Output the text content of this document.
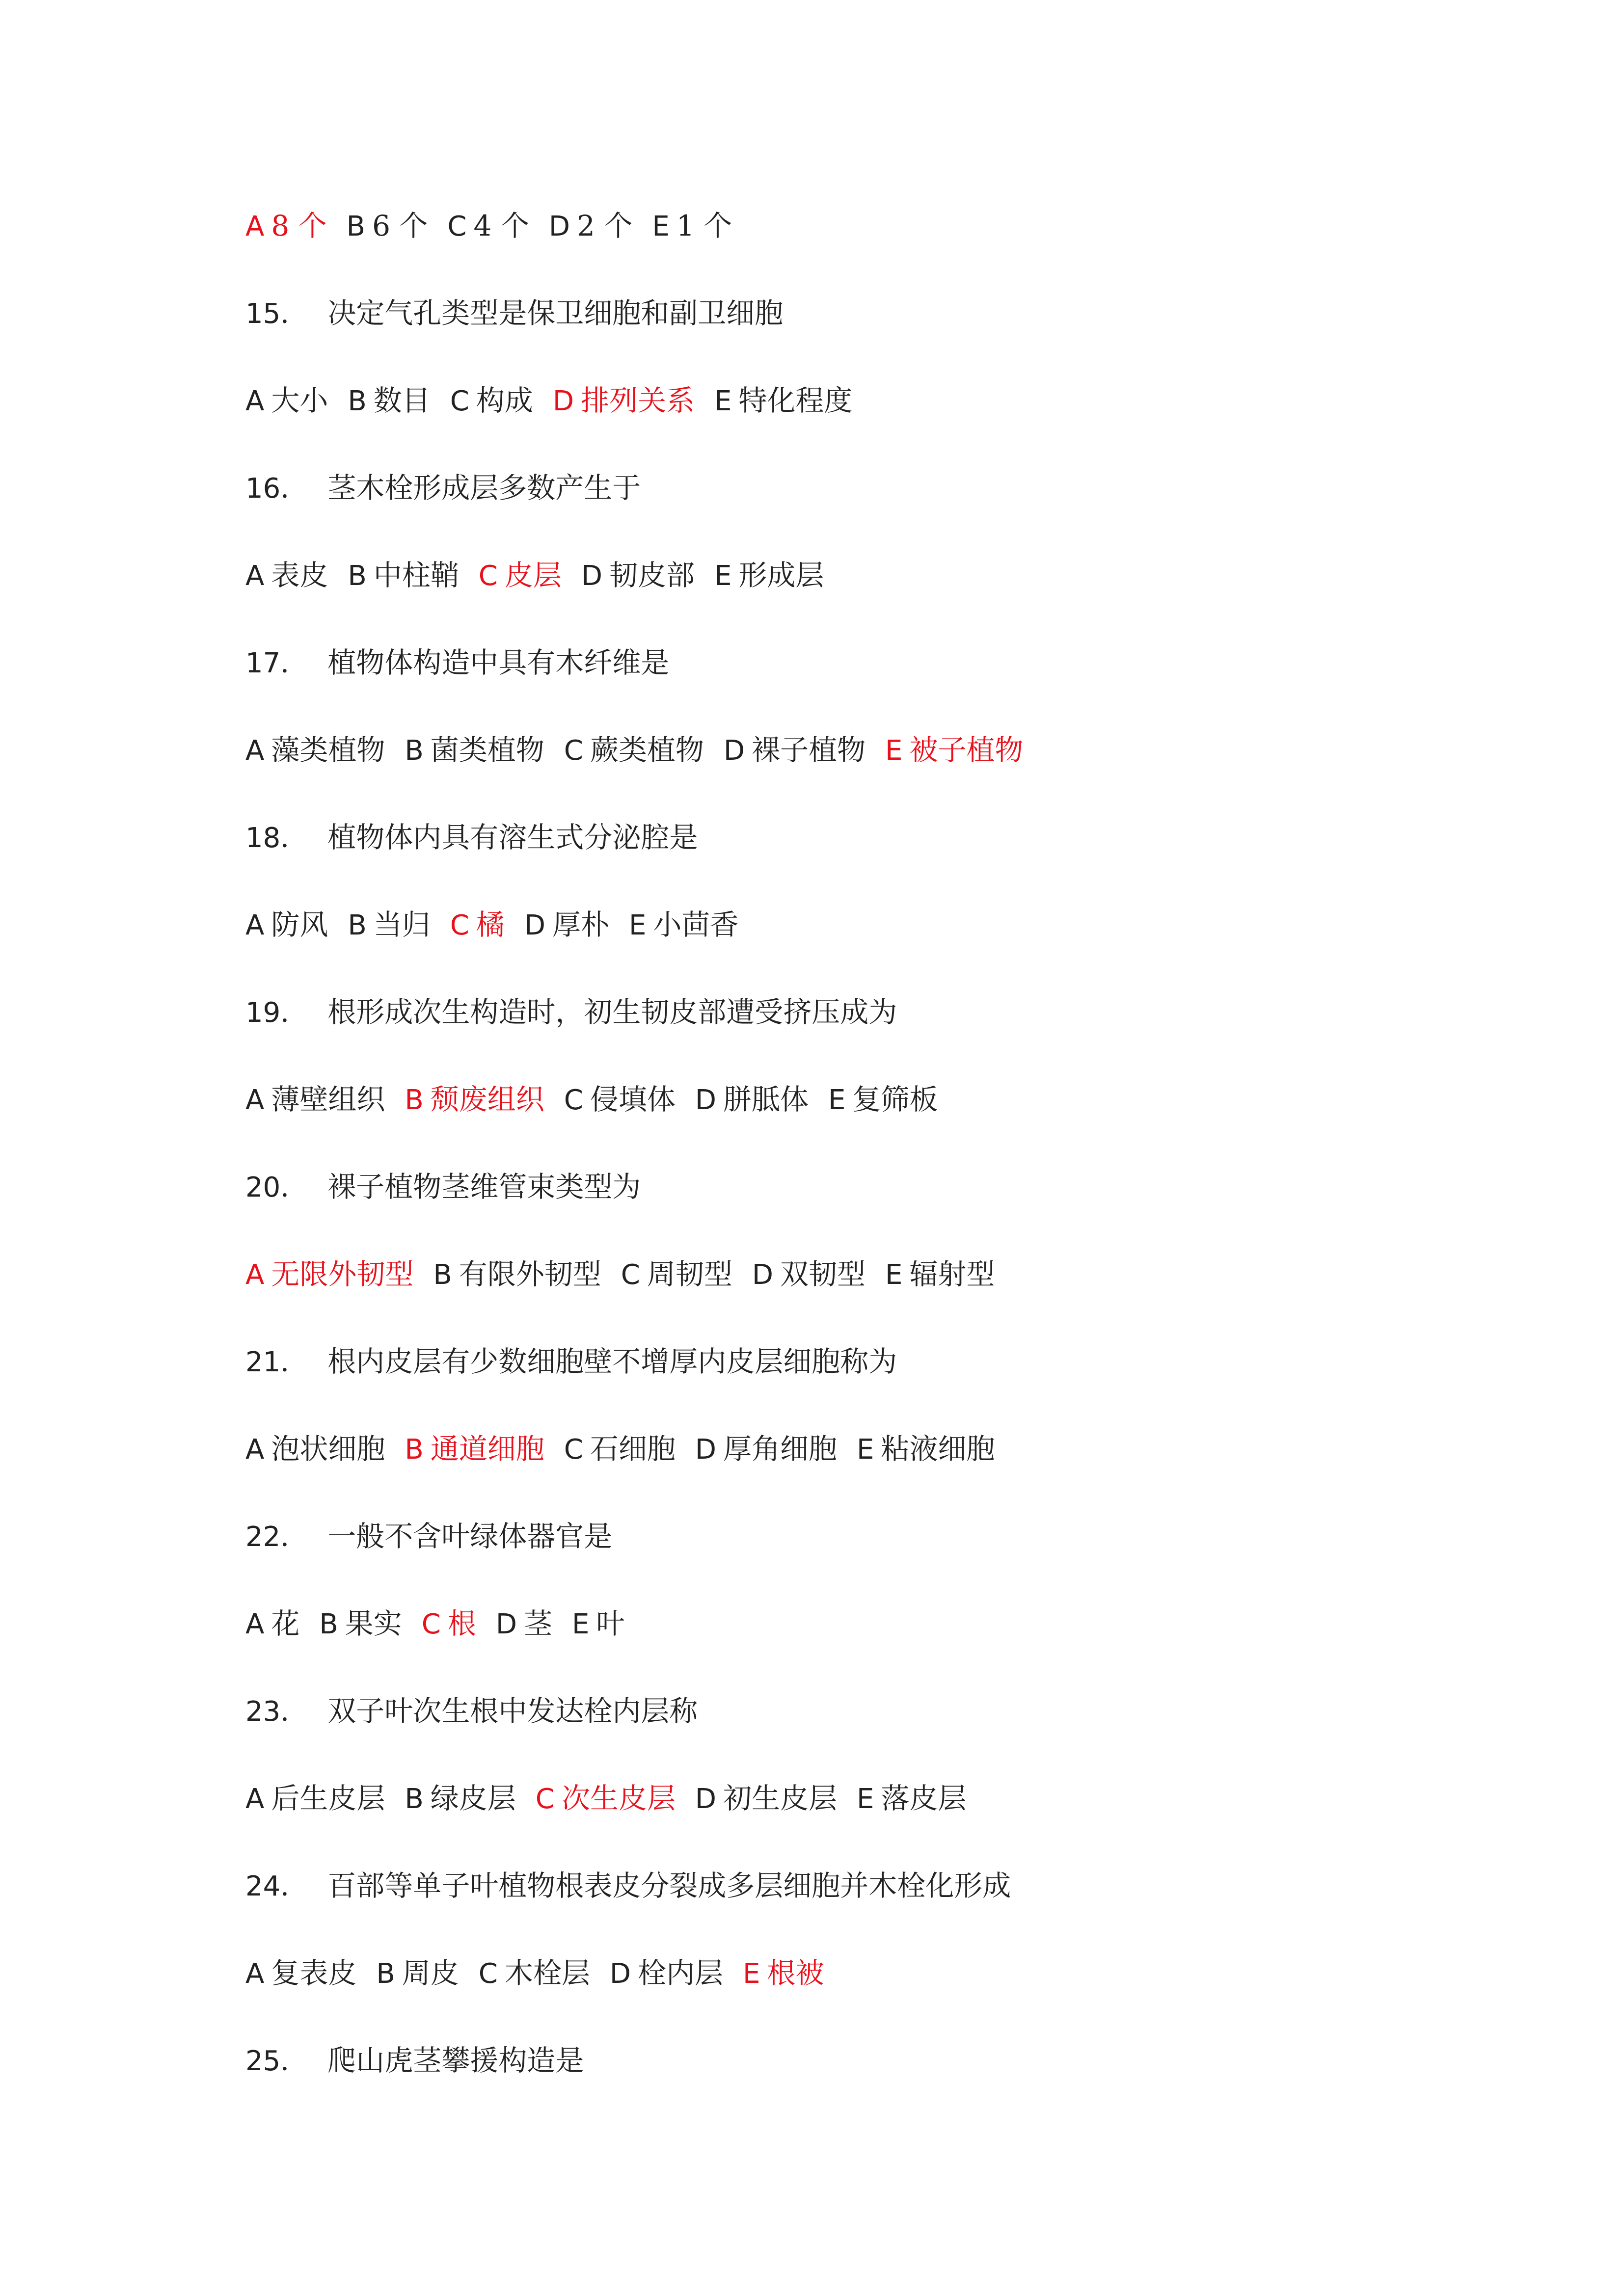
A 8 个 B 6 个 C 4 个 D 2 个 E 1 个
15． 决定气孔类型是保卫细胞和副卫细胞
A 大小 B 数目 C 构成 D 排列关系 E 特化程度
16． 茎木栓形成层多数产生于
A 表皮 B 中柱鞘 C 皮层 D 韧皮部 E 形成层
17． 植物体构造中具有木纤维是
A 藻类植物 B 菌类植物 C 蕨类植物 D 裸子植物 E 被子植物
18． 植物体内具有溶生式分泌腔是
A 防风 B 当归 C 橘 D 厚朴 E 小茴香
19． 根形成次生构造时，初生韧皮部遭受挤压成为
A 薄壁组织 B 颓废组织 C 侵填体 D 胼胝体 E 复筛板
20． 裸子植物茎维管束类型为
A 无限外韧型 B 有限外韧型 C 周韧型 D 双韧型 E 辐射型
21． 根内皮层有少数细胞壁不增厚内皮层细胞称为
A 泡状细胞 B 通道细胞 C 石细胞 D 厚角细胞 E 粘液细胞
22． 一般不含叶绿体器官是
A 花 B 果实 C 根 D 茎 E 叶
23． 双子叶次生根中发达栓内层称
A 后生皮层 B 绿皮层 C 次生皮层 D 初生皮层 E 落皮层
24． 百部等单子叶植物根表皮分裂成多层细胞并木栓化形成
A 复表皮 B 周皮 C 木栓层 D 栓内层 E 根被
25． 爬山虎茎攀援构造是
